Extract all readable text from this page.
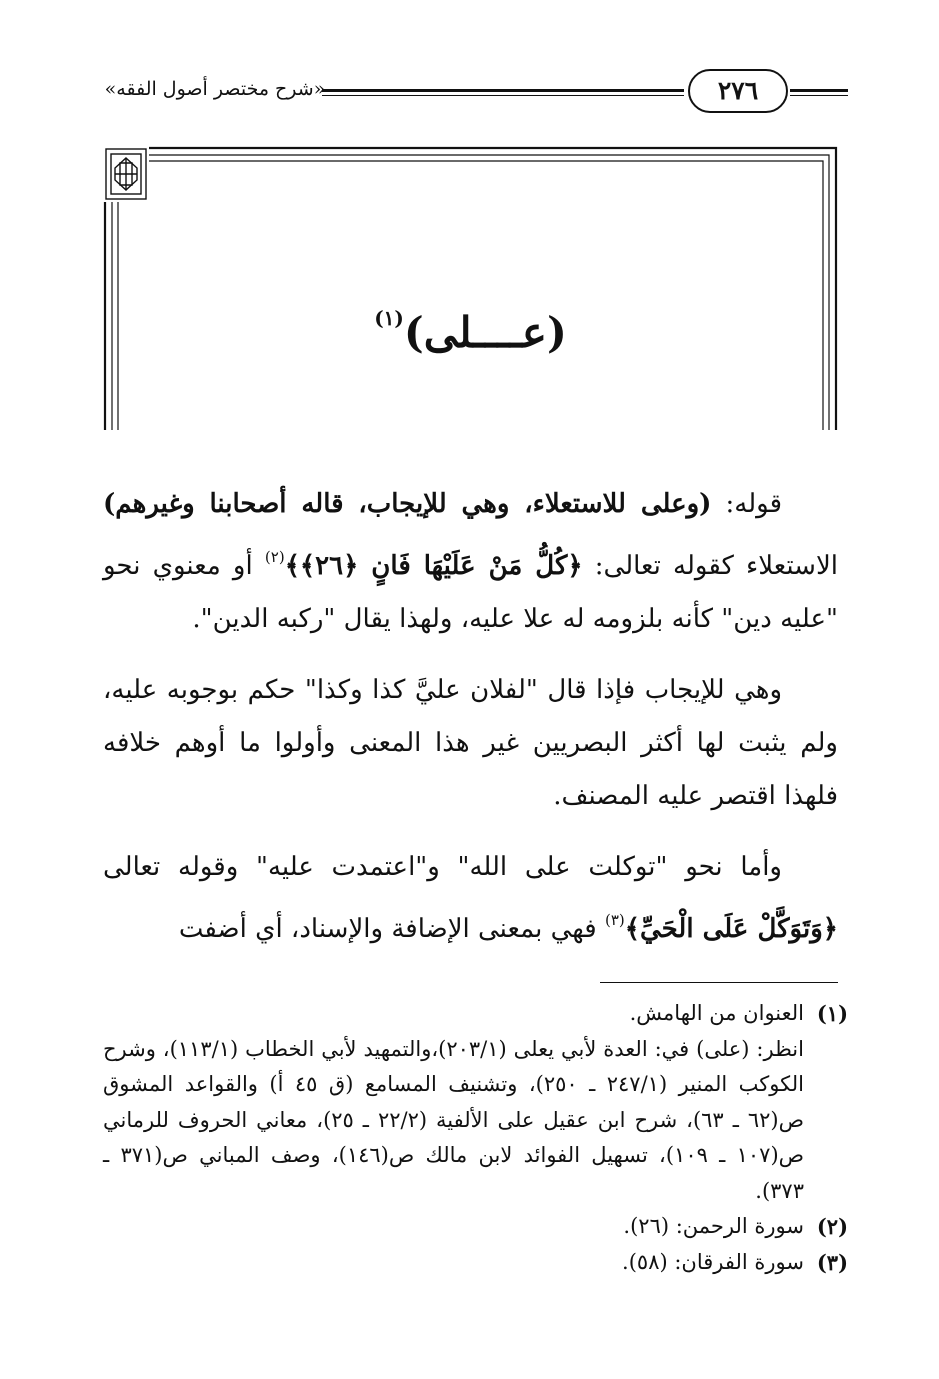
«شرح مختصر أصول الفقه»	٢٧٦
(عــــلى)$^{(١)}$

قوله: (وعلى للاستعلاء، وهي للإيجاب، قاله أصحابنا وغيرهم) الاستعلاء كقوله تعالى: ﴿كُلُّ مَنْ عَلَيْهَا فَانٍ ﴿٢٦﴾﴾$^{(٢)}$ أو معنوي نحو "عليه دين" كأنه بلزومه له علا عليه، ولهذا يقال "ركبه الدين".

وهي للإيجاب فإذا قال "لفلان عليَّ كذا وكذا" حكم بوجوبه عليه، ولم يثبت لها أكثر البصريين غير هذا المعنى وأولوا ما أوهم خلافه فلهذا اقتصر عليه المصنف.

وأما نحو "توكلت على الله" و"اعتمدت عليه" وقوله تعالى ﴿وَتَوَكَّلْ عَلَى الْحَيِّ﴾$^{(٣)}$ فهي بمعنى الإضافة والإسناد، أي أضفت

(١)
العنوان من الهامش.
انظر: (على) في: العدة لأبي يعلى (٢٠٣/١)،والتمهيد لأبي الخطاب (١١٣/١)، وشرح الكوكب المنير (٢٤٧/١ ـ ٢٥٠)، وتشنيف المسامع (ق ٤٥ أ) والقواعد المشوق ص(٦٢ ـ ٦٣)، شرح ابن عقيل على الألفية (٢٢/٢ ـ ٢٥)، معاني الحروف للرماني ص(١٠٧ ـ ١٠٩)، تسهيل الفوائد لابن مالك ص(١٤٦)، وصف المباني ص(٣٧١ ـ ٣٧٣).
(٢)
سورة الرحمن: (٢٦).
(٣)
سورة الفرقان: (٥٨).
